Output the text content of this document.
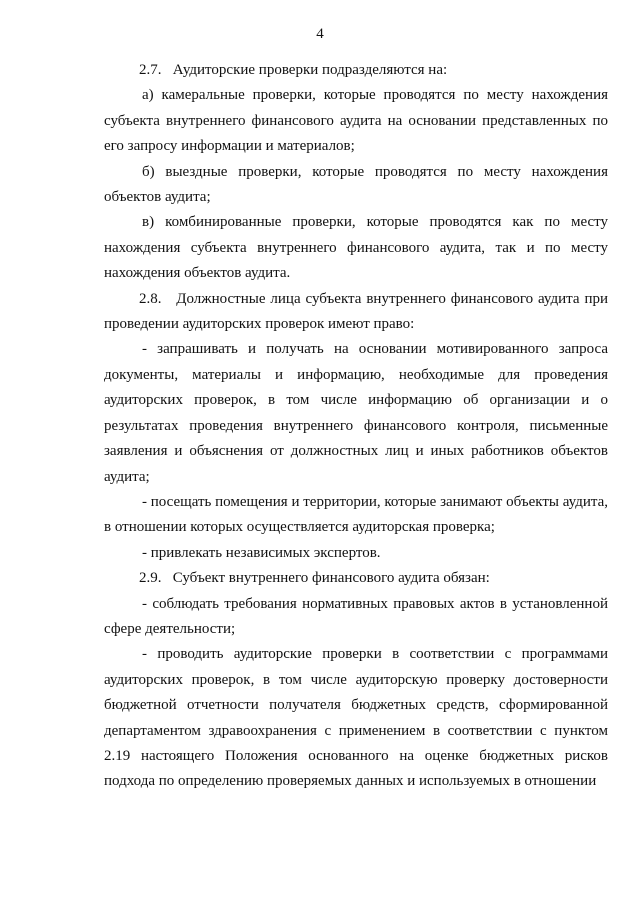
4

2.7.   Аудиторские проверки подразделяются на:

а) камеральные проверки, которые проводятся по месту нахождения субъекта внутреннего финансового аудита на основании представленных по его запросу информации и материалов;

б) выездные проверки, которые проводятся по месту нахождения объектов аудита;

в) комбинированные проверки, которые проводятся как по месту нахождения субъекта внутреннего финансового аудита, так и по месту нахождения объектов аудита.

2.8.   Должностные лица субъекта внутреннего финансового аудита при проведении аудиторских проверок имеют право:

- запрашивать и получать на основании мотивированного запроса документы, материалы и информацию, необходимые для проведения аудиторских проверок, в том числе информацию об организации и о результатах проведения внутреннего финансового контроля, письменные заявления и объяснения от должностных лиц и иных работников объектов аудита;

- посещать помещения и территории, которые занимают объекты аудита, в отношении которых осуществляется аудиторская проверка;

- привлекать независимых экспертов.

2.9.   Субъект внутреннего финансового аудита обязан:

- соблюдать требования нормативных правовых актов в установленной сфере деятельности;

- проводить аудиторские проверки в соответствии с программами аудиторских проверок, в том числе аудиторскую проверку достоверности бюджетной отчетности получателя бюджетных средств, сформированной департаментом здравоохранения с применением в соответствии с пунктом 2.19 настоящего Положения основанного на оценке бюджетных рисков подхода по определению проверяемых данных и используемых в отношении
